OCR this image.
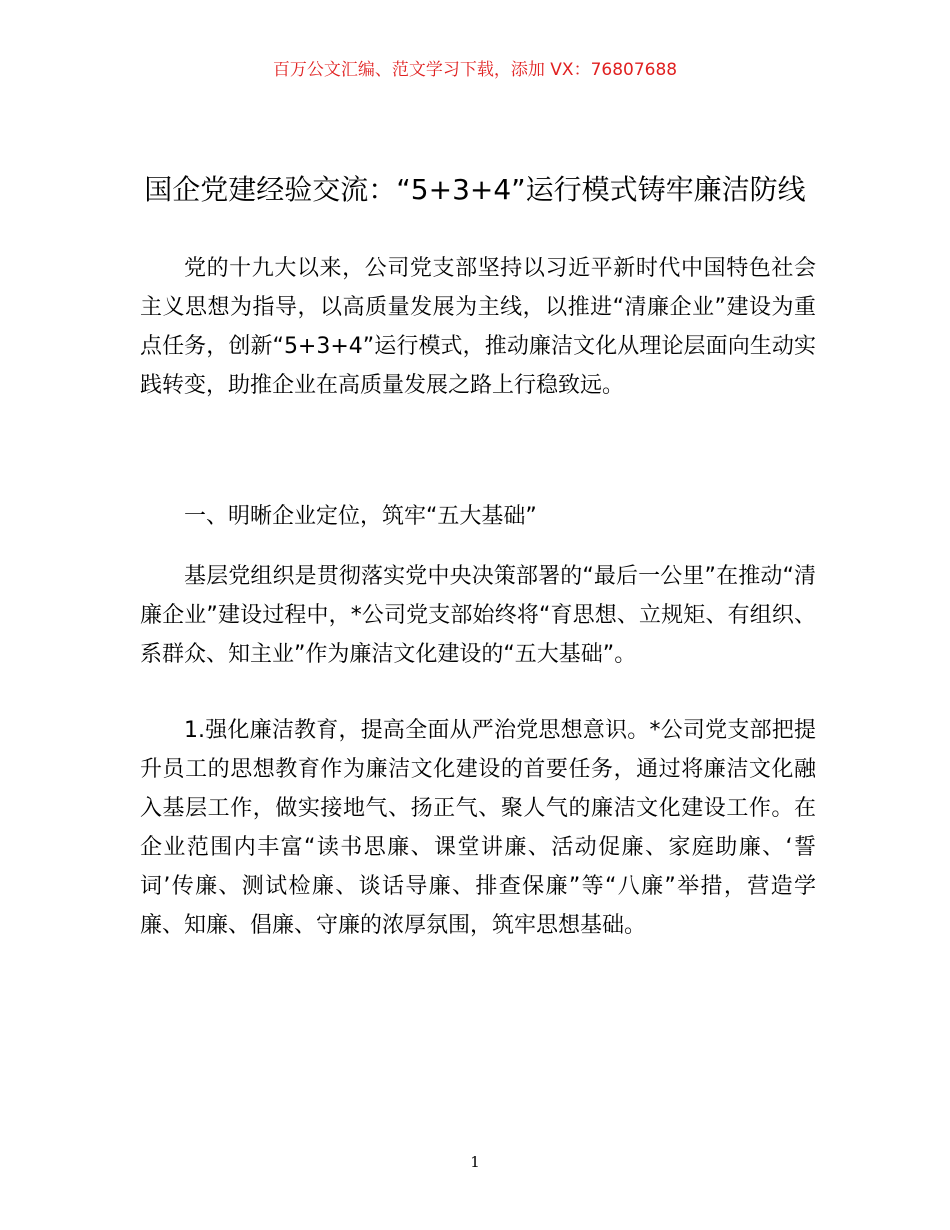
百万公文汇编、范文学习下载，添加 VX：76807688
国企党建经验交流：“5+3+4”运行模式铸牢廉洁防线

党的十九大以来，公司党支部坚持以习近平新时代中国特色社会主义思想为指导，以高质量发展为主线，以推进“清廉企业”建设为重点任务，创新“5+3+4”运行模式，推动廉洁文化从理论层面向生动实践转变，助推企业在高质量发展之路上行稳致远。

一、明晰企业定位，筑牢“五大基础”

基层党组织是贯彻落实党中央决策部署的“最后一公里”在推动“清廉企业”建设过程中，*公司党支部始终将“育思想、立规矩、有组织、系群众、知主业”作为廉洁文化建设的“五大基础”。

1.强化廉洁教育，提高全面从严治党思想意识。*公司党支部把提升员工的思想教育作为廉洁文化建设的首要任务，通过将廉洁文化融入基层工作，做实接地气、扬正气、聚人气的廉洁文化建设工作。在企业范围内丰富“读书思廉、课堂讲廉、活动促廉、家庭助廉、‘誓词’传廉、测试检廉、谈话导廉、排查保廉”等“八廉”举措，营造学廉、知廉、倡廉、守廉的浓厚氛围，筑牢思想基础。

1
